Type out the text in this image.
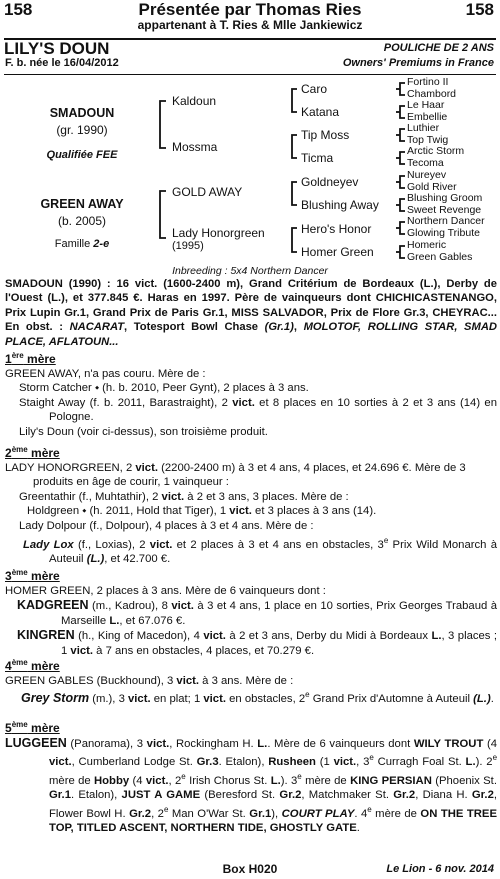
158	Présentée par Thomas Ries	158
appartenant à T. Ries & Mlle Jankiewicz
LILY'S DOUN	POULICHE DE 2 ANS
F. b. née le 16/04/2012	Owners' Premiums in France
SMADOUN
(gr. 1990)
Qualifiée FEE
GREEN AWAY
(b. 2005)
Famille 2-e
Kaldoun
Mossma
GOLD AWAY
Lady Honorgreen
(1995)
Caro
Katana
Tip Moss
Ticma
Goldneyev
Blushing Away
Hero's Honor
Homer Green
Fortino II
Chambord
Le Haar
Embellie
Luthier
Top Twig
Arctic Storm
Tecoma
Nureyev
Gold River
Blushing Groom
Sweet Revenge
Northern Dancer
Glowing Tribute
Homeric
Green Gables
Inbreeding : 5x4 Northern Dancer
SMADOUN (1990) : 16 vict. (1600-2400 m), Grand Critérium de Bordeaux (L.), Derby de l'Ouest (L.), et 377.845 €. Haras en 1997. Père de vainqueurs dont CHICHICASTENANGO, Prix Lupin Gr.1, Grand Prix de Paris Gr.1, MISS SALVADOR, Prix de Flore Gr.3, CHEYRAC... En obst. : NACARAT, Totesport Bowl Chase (Gr.1), MOLOTOF, ROLLING STAR, SMAD PLACE, AFLATOUN...

1ère mère

GREEN AWAY, n'a pas couru. Mère de :

Storm Catcher ⬩ (h. b. 2010, Peer Gynt), 2 places à 3 ans.

Staight Away (f. b. 2011, Barastraight), 2 vict. et 8 places en 10 sorties à 2 et 3 ans (14) en Pologne.

Lily's Doun (voir ci-dessus), son troisième produit.

2ème mère

LADY HONORGREEN, 2 vict. (2200-2400 m) à 3 et 4 ans, 4 places, et 24.696 €. Mère de 3 produits en âge de courir, 1 vainqueur :

Greentathir (f., Muhtathir), 2 vict. à 2 et 3 ans, 3 places. Mère de :

Holdgreen ⬩ (h. 2011, Hold that Tiger), 1 vict. et 3 places à 3 ans (14).

Lady Dolpour (f., Dolpour), 4 places à 3 et 4 ans. Mère de :

Lady Lox (f., Loxias), 2 vict. et 2 places à 3 et 4 ans en obstacles, 3e Prix Wild Monarch à Auteuil (L.), et 42.700 €.

3ème mère

HOMER GREEN, 2 places à 3 ans. Mère de 6 vainqueurs dont :

KADGREEN (m., Kadrou), 8 vict. à 3 et 4 ans, 1 place en 10 sorties, Prix Georges Trabaud à Marseille L., et 67.076 €.

KINGREN (h., King of Macedon), 4 vict. à 2 et 3 ans, Derby du Midi à Bordeaux L., 3 places ; 1 vict. à 7 ans en obstacles, 4 places, et 70.279 €.

4ème mère

GREEN GABLES (Buckhound), 3 vict. à 3 ans. Mère de :

Grey Storm (m.), 3 vict. en plat; 1 vict. en obstacles, 2e Grand Prix d'Automne à Auteuil (L.).

5ème mère

LUGGEEN (Panorama), 3 vict., Rockingham H. L.. Mère de 6 vainqueurs dont WILY TROUT (4 vict., Cumberland Lodge St. Gr.3. Etalon), Rusheen (1 vict., 3e Curragh Foal St. L.). 2e mère de Hobby (4 vict., 2e Irish Chorus St. L.). 3e mère de KING PERSIAN (Phoenix St. Gr.1. Etalon), JUST A GAME (Beresford St. Gr.2, Matchmaker St. Gr.2, Diana H. Gr.2, Flower Bowl H. Gr.2, 2e Man O'War St. Gr.1), COURT PLAY. 4e mère de ON THE TREE TOP, TITLED ASCENT, NORTHERN TIDE, GHOSTLY GATE.

Box H020	Le Lion - 6 nov. 2014
